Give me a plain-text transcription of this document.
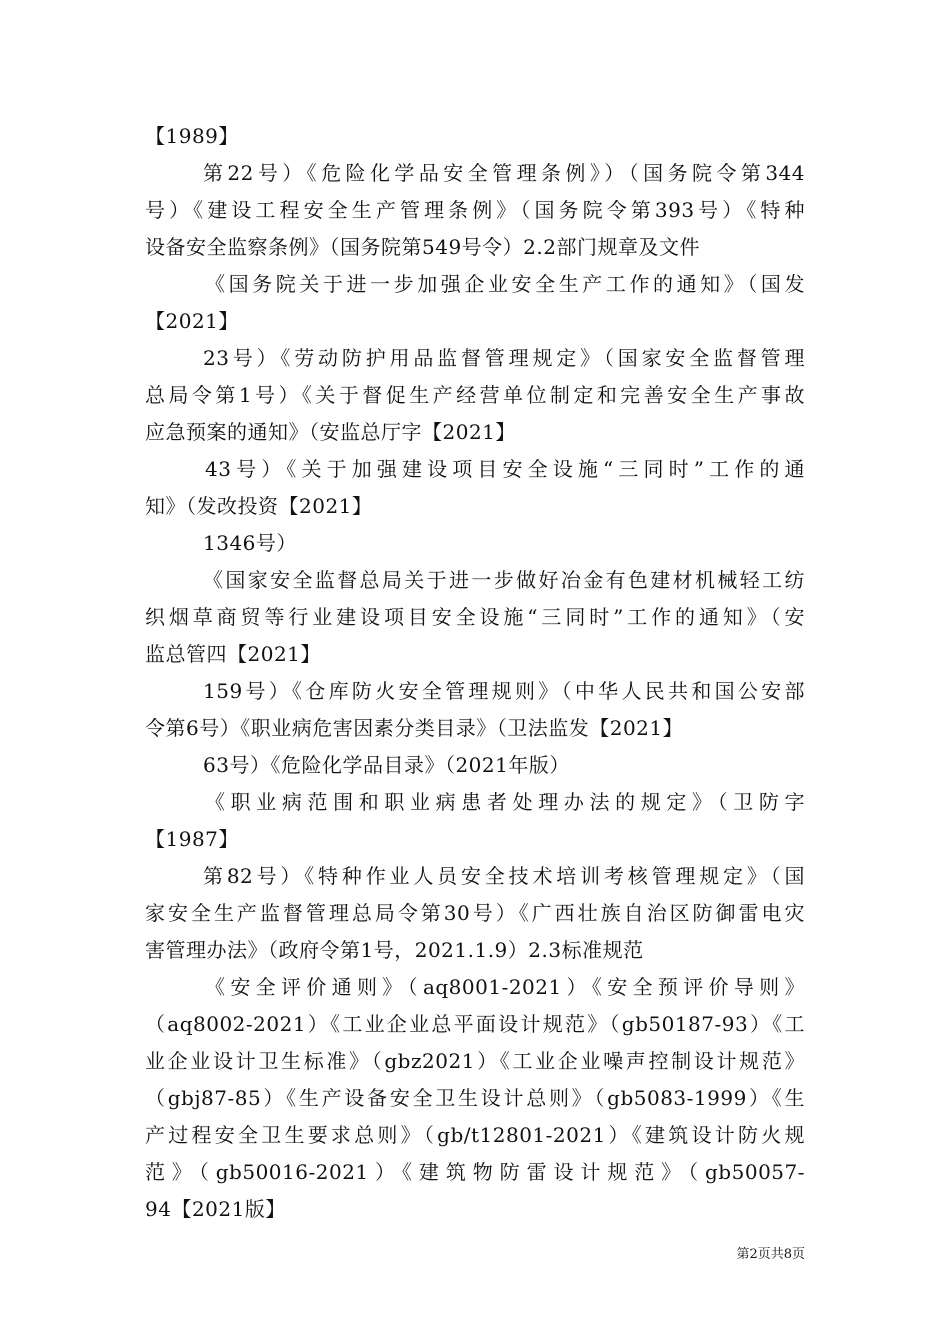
【1989】
第22号）《危险化学品安全管理条例》）（国务院令第344
号）《建设工程安全生产管理条例》（国务院令第393号）《特种
设备安全监察条例》（国务院第549号令）2.2部门规章及文件
《国务院关于进一步加强企业安全生产工作的通知》（国发
【2021】
23号）《劳动防护用品监督管理规定》（国家安全监督管理
总局令第1号）《关于督促生产经营单位制定和完善安全生产事故
应急预案的通知》（安监总厅字【2021】
43号）《关于加强建设项目安全设施“三同时”工作的通
知》（发改投资【2021】
1346号）
《国家安全监督总局关于进一步做好冶金有色建材机械轻工纺
织烟草商贸等行业建设项目安全设施“三同时”工作的通知》（安
监总管四【2021】
159号）《仓库防火安全管理规则》（中华人民共和国公安部
令第6号）《职业病危害因素分类目录》（卫法监发【2021】
63号）《危险化学品目录》（2021年版）
《职业病范围和职业病患者处理办法的规定》（卫防字
【1987】
第82号）《特种作业人员安全技术培训考核管理规定》（国
家安全生产监督管理总局令第30号）《广西壮族自治区防御雷电灾
害管理办法》（政府令第1号，2021.1.9）2.3标准规范
《安全评价通则》（aq8001-2021）《安全预评价导则》
（aq8002-2021）《工业企业总平面设计规范》（gb50187-93）《工
业企业设计卫生标准》（gbz2021）《工业企业噪声控制设计规范》
（gbj87-85）《生产设备安全卫生设计总则》（gb5083-1999）《生
产过程安全卫生要求总则》（gb/t12801-2021）《建筑设计防火规
范》（gb50016-2021）《建筑物防雷设计规范》（gb50057-
94【2021版】
第2页共8页
